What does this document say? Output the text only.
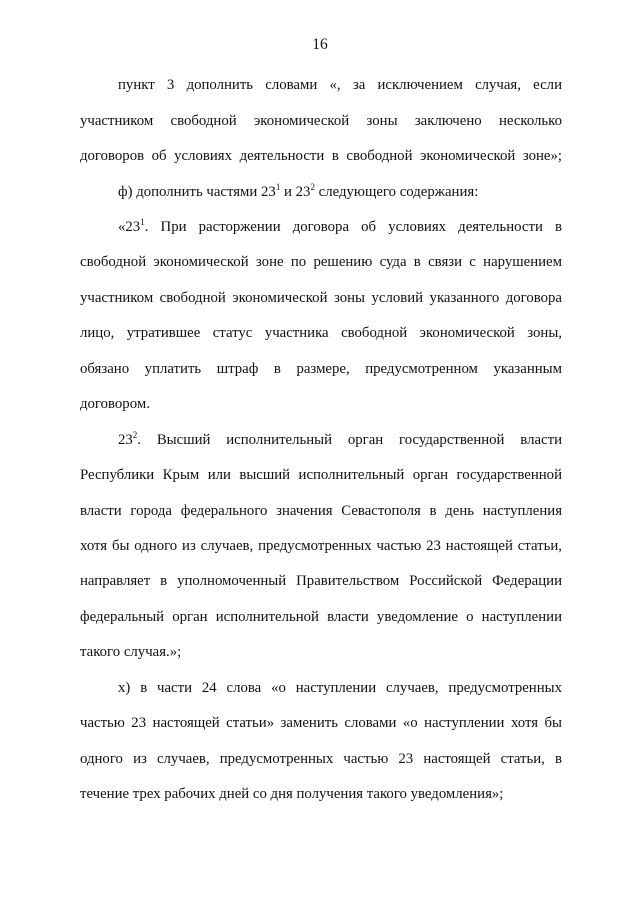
16
пункт 3 дополнить словами «, за исключением случая, если
участником свободной экономической зоны заключено несколько
договоров об условиях деятельности в свободной экономической зоне»;
ф) дополнить частями $23^1$ и $23^2$ следующего содержания:
«$23^1$. При расторжении договора об условиях деятельности в
свободной экономической зоне по решению суда в связи с нарушением
участником свободной экономической зоны условий указанного договора
лицо, утратившее статус участника свободной экономической зоны,
обязано уплатить штраф в размере, предусмотренном указанным
договором.
$23^2$. Высший исполнительный орган государственной власти
Республики Крым или высший исполнительный орган государственной
власти города федерального значения Севастополя в день наступления
хотя бы одного из случаев, предусмотренных частью 23 настоящей статьи,
направляет в уполномоченный Правительством Российской Федерации
федеральный орган исполнительной власти уведомление о наступлении
такого случая.»;
х) в части 24 слова «о наступлении случаев, предусмотренных
частью 23 настоящей статьи» заменить словами «о наступлении хотя бы
одного из случаев, предусмотренных частью 23 настоящей статьи, в
течение трех рабочих дней со дня получения такого уведомления»;
